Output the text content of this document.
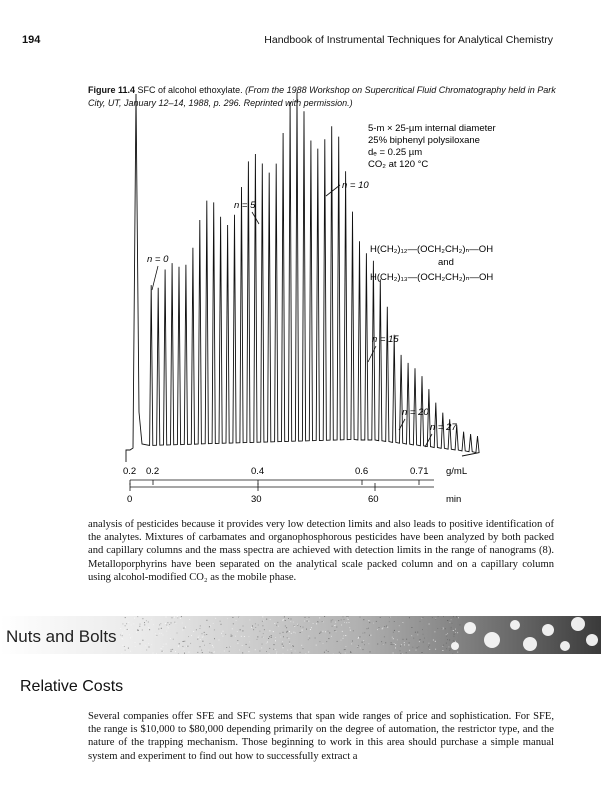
194	Handbook of Instrumental Techniques for Analytical Chemistry
Figure 11.4 SFC of alcohol ethoxylate. (From the 1988 Workshop on Supercritical Fluid Chromatography held in Park City, UT, January 12–14, 1988, p. 296. Reprinted with permission.)
5-m × 25-µm internal diameter
25% biphenyl polysiloxane
dₑ = 0.25 µm
CO₂ at 120 °C
H(CH₂)₁₂—(OCH₂CH₂)ₙ—OH
and
H(CH₂)₁₃—(OCH₂CH₂)ₙ—OH
n = 0
n = 5
n = 10
n = 15
n = 20
n = 27
0.2 0.2	0.4	0.6	0.71 g/mL
0	30	60	min
analysis of pesticides because it provides very low detection limits and also leads to positive identification of the analytes. Mixtures of carbamates and organophosphorous pesticides have been analyzed by both packed and capillary columns and the mass spectra are achieved with detection limits in the range of nanograms (8). Metalloporphyrins have been separated on the analytical scale packed column and on a capillary column using alcohol-modified CO₂ as the mobile phase.
Nuts and Bolts
Relative Costs
Several companies offer SFE and SFC systems that span wide ranges of price and sophistication. For SFE, the range is $10,000 to $80,000 depending primarily on the degree of automation, the restrictor type, and the nature of the trapping mechanism. Those beginning to work in this area should purchase a simple manual system and experiment to find out how to successfully extract a
